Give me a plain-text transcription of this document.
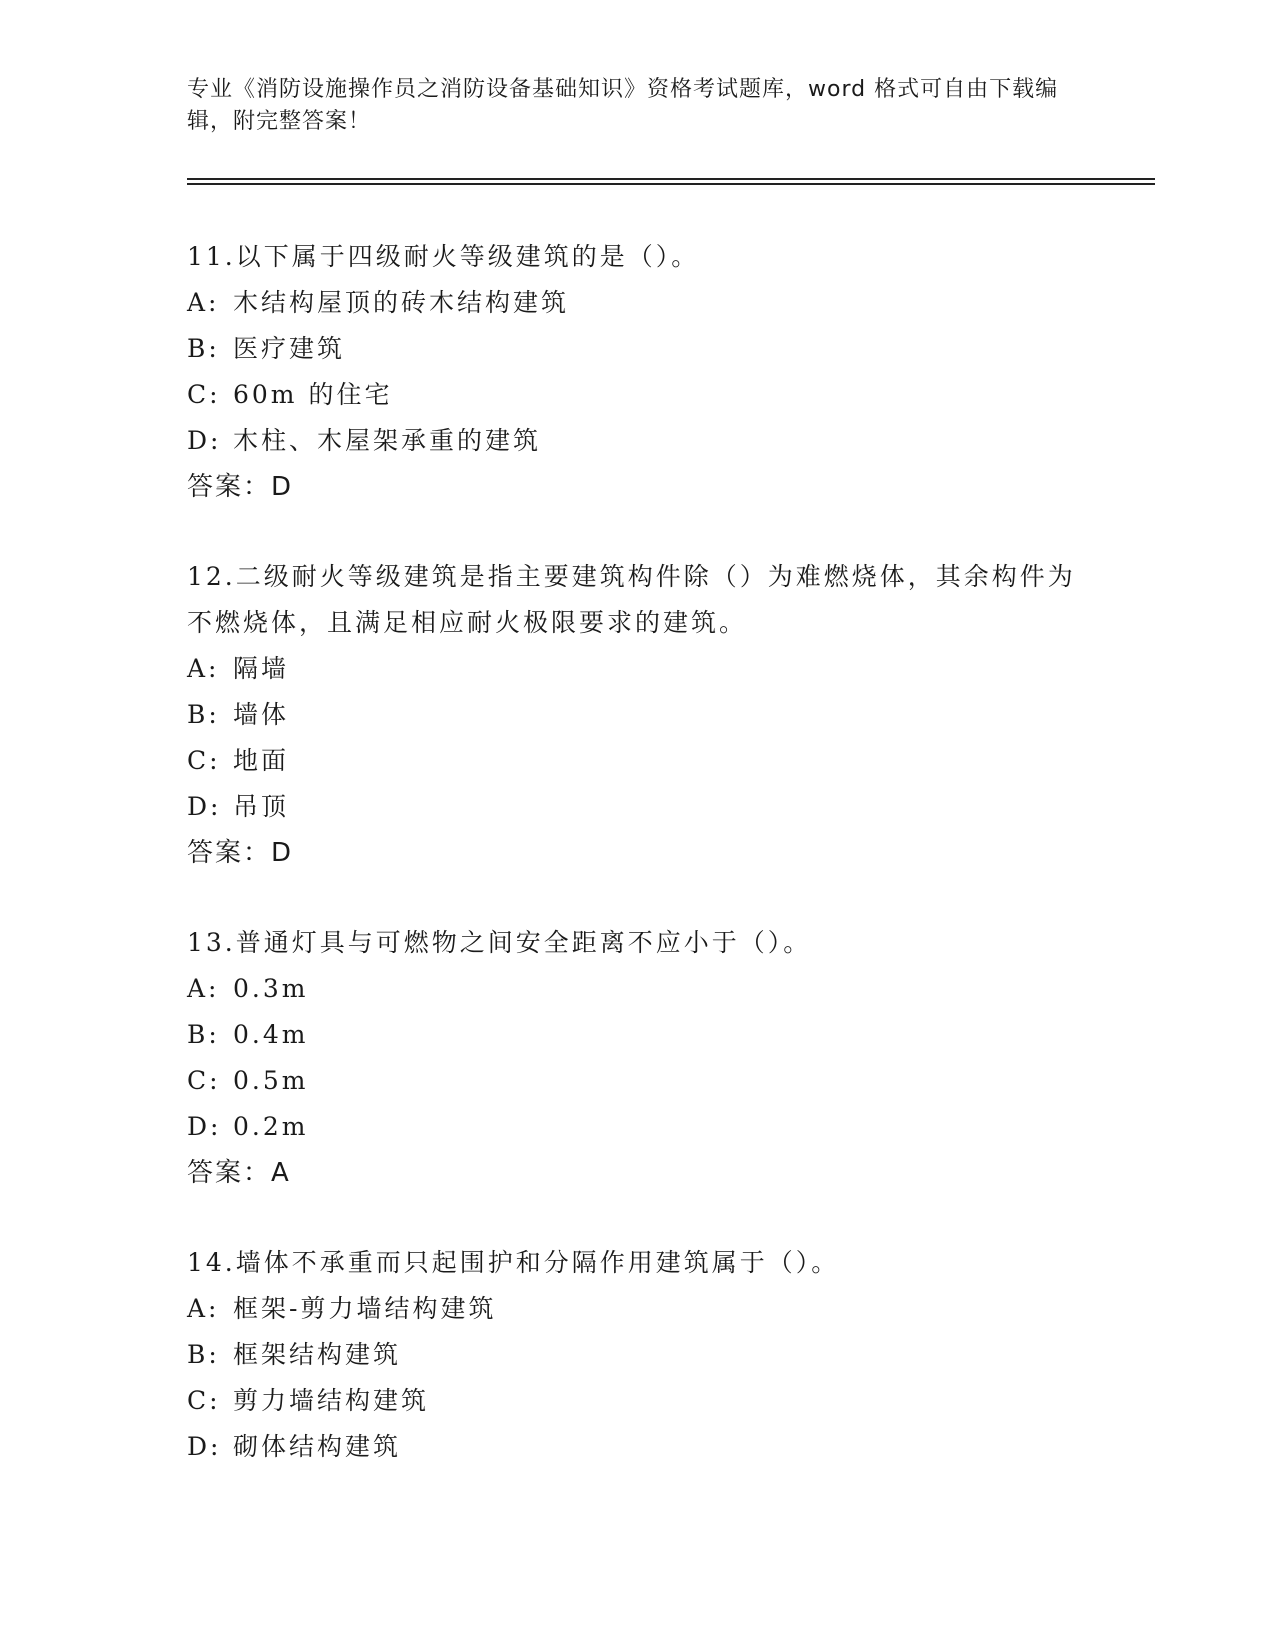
专业《消防设施操作员之消防设备基础知识》资格考试题库，word 格式可自由下载编辑，附完整答案！

11.以下属于四级耐火等级建筑的是（）。

A: 木结构屋顶的砖木结构建筑

B: 医疗建筑

C: 60m 的住宅

D: 木柱、木屋架承重的建筑

答案：D

12.二级耐火等级建筑是指主要建筑构件除（）为难燃烧体，其余构件为不燃烧体，且满足相应耐火极限要求的建筑。

A: 隔墙

B: 墙体

C: 地面

D: 吊顶

答案：D

13.普通灯具与可燃物之间安全距离不应小于（）。

A: 0.3m

B: 0.4m

C: 0.5m

D: 0.2m

答案：A

14.墙体不承重而只起围护和分隔作用建筑属于（）。

A: 框架-剪力墙结构建筑

B: 框架结构建筑

C: 剪力墙结构建筑

D: 砌体结构建筑
